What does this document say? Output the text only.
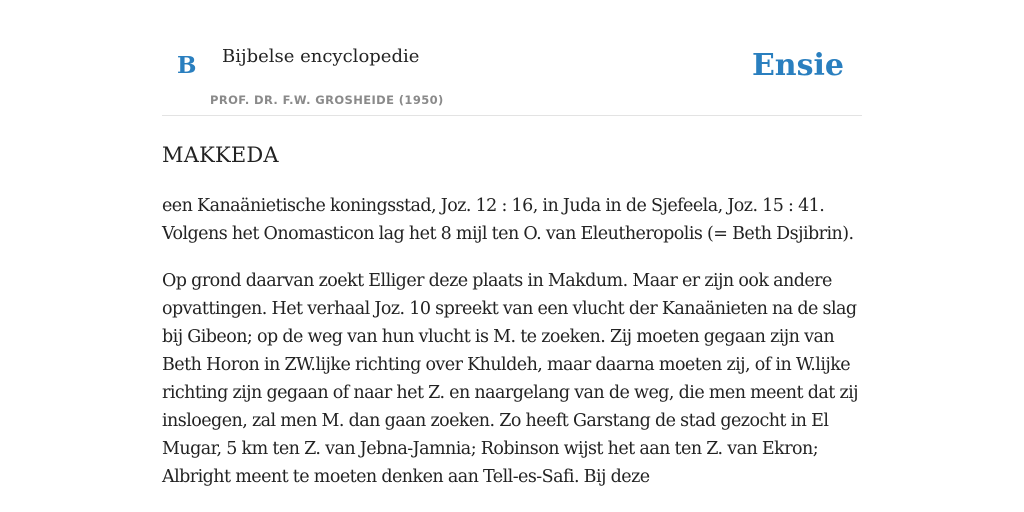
B Bijbelse encyclopedie
PROF. DR. F.W. GROSHEIDE (1950)
Ensie
MAKKEDA

een Kanaänietische koningsstad, Joz. 12 : 16, in Juda in de Sjefeela, Joz. 15 : 41. Volgens het Onomasticon lag het 8 mijl ten O. van Eleutheropolis (= Beth Dsjibrin).

Op grond daarvan zoekt Elliger deze plaats in Makdum. Maar er zijn ook andere opvattingen. Het verhaal Joz. 10 spreekt van een vlucht der Kanaänieten na de slag bij Gibeon; op de weg van hun vlucht is M. te zoeken. Zij moeten gegaan zijn van Beth Horon in ZW.lijke richting over Khuldeh, maar daarna moeten zij, of in W.lijke richting zijn gegaan of naar het Z. en naargelang van de weg, die men meent dat zij insloegen, zal men M. dan gaan zoeken. Zo heeft Garstang de stad gezocht in El Mugar, 5 km ten Z. van Jebna-Jamnia; Robinson wijst het aan ten Z. van Ekron; Albright meent te moeten denken aan Tell-es-Safi. Bij deze
